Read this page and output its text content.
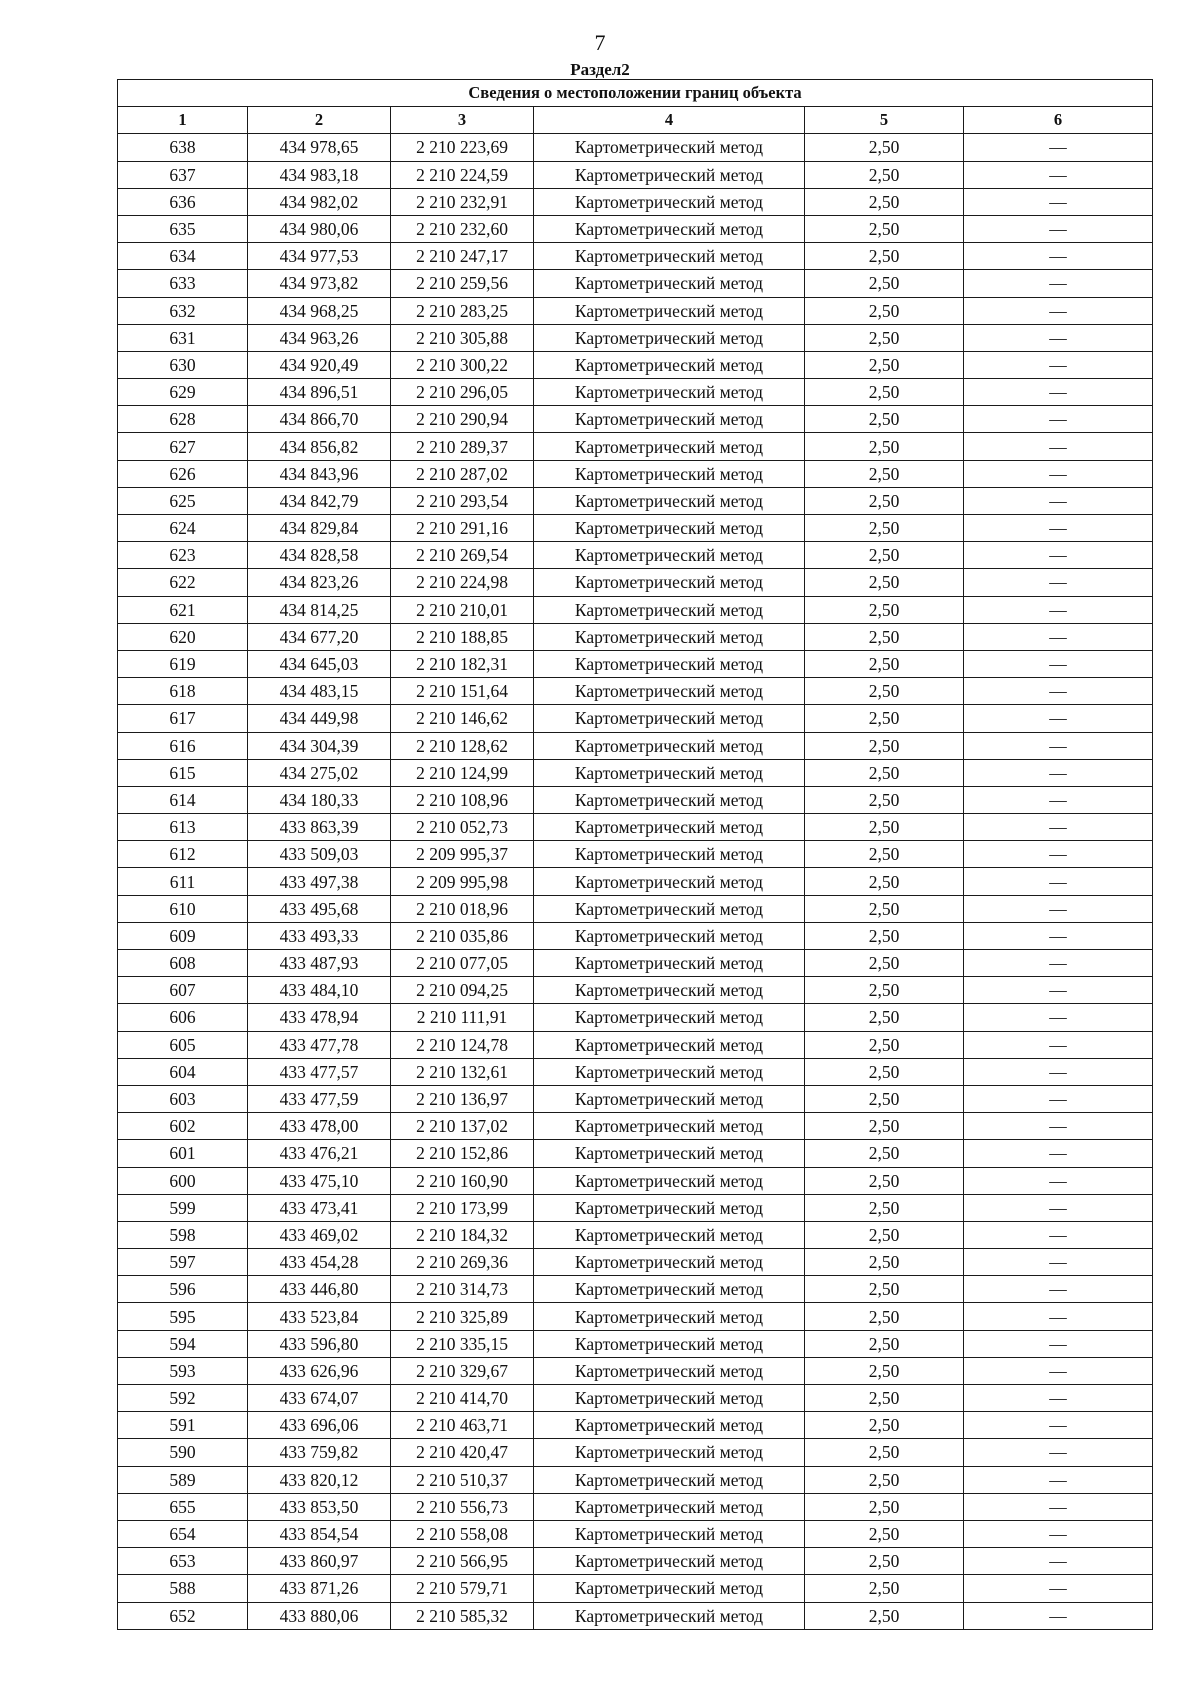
7
Раздел2
Сведения о местоположении границ объекта					
1	2	3	4	5	6
638	434 978,65	2 210 223,69	Картометрический метод	2,50	—
637	434 983,18	2 210 224,59	Картометрический метод	2,50	—
636	434 982,02	2 210 232,91	Картометрический метод	2,50	—
635	434 980,06	2 210 232,60	Картометрический метод	2,50	—
634	434 977,53	2 210 247,17	Картометрический метод	2,50	—
633	434 973,82	2 210 259,56	Картометрический метод	2,50	—
632	434 968,25	2 210 283,25	Картометрический метод	2,50	—
631	434 963,26	2 210 305,88	Картометрический метод	2,50	—
630	434 920,49	2 210 300,22	Картометрический метод	2,50	—
629	434 896,51	2 210 296,05	Картометрический метод	2,50	—
628	434 866,70	2 210 290,94	Картометрический метод	2,50	—
627	434 856,82	2 210 289,37	Картометрический метод	2,50	—
626	434 843,96	2 210 287,02	Картометрический метод	2,50	—
625	434 842,79	2 210 293,54	Картометрический метод	2,50	—
624	434 829,84	2 210 291,16	Картометрический метод	2,50	—
623	434 828,58	2 210 269,54	Картометрический метод	2,50	—
622	434 823,26	2 210 224,98	Картометрический метод	2,50	—
621	434 814,25	2 210 210,01	Картометрический метод	2,50	—
620	434 677,20	2 210 188,85	Картометрический метод	2,50	—
619	434 645,03	2 210 182,31	Картометрический метод	2,50	—
618	434 483,15	2 210 151,64	Картометрический метод	2,50	—
617	434 449,98	2 210 146,62	Картометрический метод	2,50	—
616	434 304,39	2 210 128,62	Картометрический метод	2,50	—
615	434 275,02	2 210 124,99	Картометрический метод	2,50	—
614	434 180,33	2 210 108,96	Картометрический метод	2,50	—
613	433 863,39	2 210 052,73	Картометрический метод	2,50	—
612	433 509,03	2 209 995,37	Картометрический метод	2,50	—
611	433 497,38	2 209 995,98	Картометрический метод	2,50	—
610	433 495,68	2 210 018,96	Картометрический метод	2,50	—
609	433 493,33	2 210 035,86	Картометрический метод	2,50	—
608	433 487,93	2 210 077,05	Картометрический метод	2,50	—
607	433 484,10	2 210 094,25	Картометрический метод	2,50	—
606	433 478,94	2 210 111,91	Картометрический метод	2,50	—
605	433 477,78	2 210 124,78	Картометрический метод	2,50	—
604	433 477,57	2 210 132,61	Картометрический метод	2,50	—
603	433 477,59	2 210 136,97	Картометрический метод	2,50	—
602	433 478,00	2 210 137,02	Картометрический метод	2,50	—
601	433 476,21	2 210 152,86	Картометрический метод	2,50	—
600	433 475,10	2 210 160,90	Картометрический метод	2,50	—
599	433 473,41	2 210 173,99	Картометрический метод	2,50	—
598	433 469,02	2 210 184,32	Картометрический метод	2,50	—
597	433 454,28	2 210 269,36	Картометрический метод	2,50	—
596	433 446,80	2 210 314,73	Картометрический метод	2,50	—
595	433 523,84	2 210 325,89	Картометрический метод	2,50	—
594	433 596,80	2 210 335,15	Картометрический метод	2,50	—
593	433 626,96	2 210 329,67	Картометрический метод	2,50	—
592	433 674,07	2 210 414,70	Картометрический метод	2,50	—
591	433 696,06	2 210 463,71	Картометрический метод	2,50	—
590	433 759,82	2 210 420,47	Картометрический метод	2,50	—
589	433 820,12	2 210 510,37	Картометрический метод	2,50	—
655	433 853,50	2 210 556,73	Картометрический метод	2,50	—
654	433 854,54	2 210 558,08	Картометрический метод	2,50	—
653	433 860,97	2 210 566,95	Картометрический метод	2,50	—
588	433 871,26	2 210 579,71	Картометрический метод	2,50	—
652	433 880,06	2 210 585,32	Картометрический метод	2,50	—
